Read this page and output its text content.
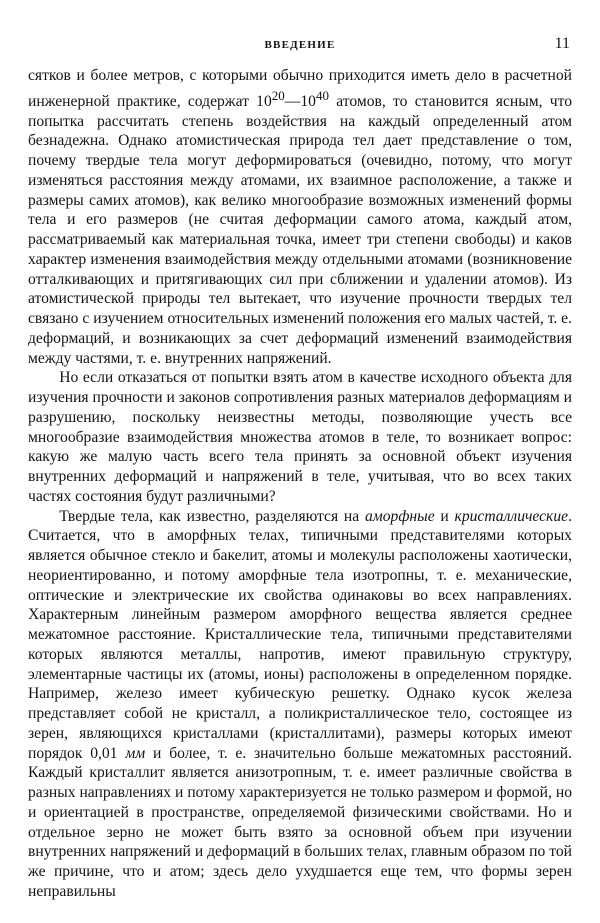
ВВЕДЕНИЕ	11

сятков и более метров, с которыми обычно приходится иметь дело в расчетной инженерной практике, содержат $10^{20}—10^{40}$ атомов, то становится ясным, что попытка рассчитать степень воздействия на каждый определенный атом безнадежна. Однако атомистическая природа тел дает представление о том, почему твердые тела могут деформироваться (очевидно, потому, что могут изменяться расстояния между атомами, их взаимное расположение, а также и размеры самих атомов), как велико многообразие возможных изменений формы тела и его размеров (не считая деформации самого атома, каждый атом, рассматриваемый как материальная точка, имеет три степени свободы) и каков характер изменения взаимодействия между отдельными атомами (возникновение отталкивающих и притягивающих сил при сближении и удалении атомов). Из атомистической природы тел вытекает, что изучение прочности твердых тел связано с изучением относительных изменений положения его малых частей, т. е. деформаций, и возникающих за счет деформаций изменений взаимодействия между частями, т. е. внутренних напряжений.

Но если отказаться от попытки взять атом в качестве исходного объекта для изучения прочности и законов сопротивления разных материалов деформациям и разрушению, поскольку неизвестны методы, позволяющие учесть все многообразие взаимодействия множества атомов в теле, то возникает вопрос: какую же малую часть всего тела принять за основной объект изучения внутренних деформаций и напряжений в теле, учитывая, что во всех таких частях состояния будут различными?

Твердые тела, как известно, разделяются на аморфные и кристаллические. Считается, что в аморфных телах, типичными представителями которых является обычное стекло и бакелит, атомы и молекулы расположены хаотически, неориентированно, и потому аморфные тела изотропны, т. е. механические, оптические и электрические их свойства одинаковы во всех направлениях. Характерным линейным размером аморфного вещества является среднее межатомное расстояние. Кристаллические тела, типичными представителями которых являются металлы, напротив, имеют правильную структуру, элементарные частицы их (атомы, ионы) расположены в определенном порядке. Например, железо имеет кубическую решетку. Однако кусок железа представляет собой не кристалл, а поликристаллическое тело, состоящее из зерен, являющихся кристаллами (кристаллитами), размеры которых имеют порядок 0,01 мм и более, т. е. значительно больше межатомных расстояний. Каждый кристаллит является анизотропным, т. е. имеет различные свойства в разных направлениях и потому характеризуется не только размером и формой, но и ориентацией в пространстве, определяемой физическими свойствами. Но и отдельное зерно не может быть взято за основной объем при изучении внутренних напряжений и деформаций в больших телах, главным образом по той же причине, что и атом; здесь дело ухудшается еще тем, что формы зерен неправильны
